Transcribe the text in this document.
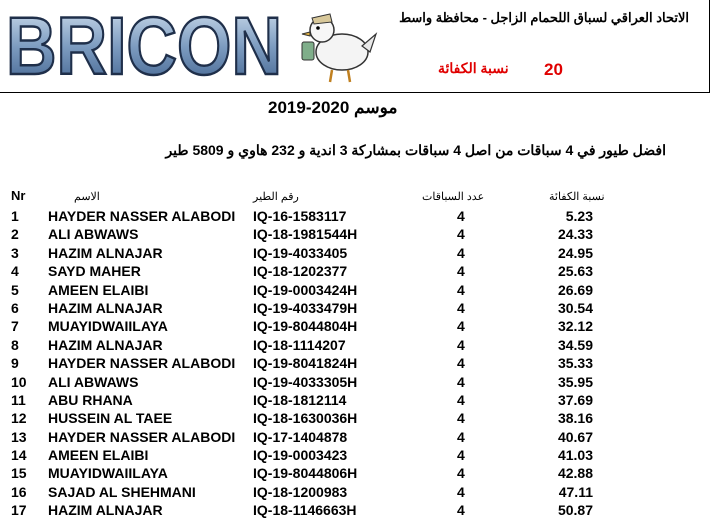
BRICON	الاتحاد العراقي لسباق اللحمام الزاجل - محافظة واسط
نسبة الكفائة 20
موسم 2020-2019
افضل طيور في 4 سباقات من اصل 4 سباقات بمشاركة 3 اندية و 232 هاوي و 5809 طير
Nr	الاسم	رقم الطير	عدد السباقات	نسبة الكفائة
1 HAYDER NASSER ALABODI IQ-16-1583117	4	5.23
2 ALI ABWAWS	IQ-18-1981544H	4	24.33
3 HAZIM ALNAJAR	IQ-19-4033405	4	24.95
4 SAYD MAHER	IQ-18-1202377	4	25.63
5 AMEEN ELAIBI	IQ-19-0003424H	4	26.69
6 HAZIM ALNAJAR	IQ-19-4033479H	4	30.54
7 MUAYIDWAIILAYA	IQ-19-8044804H	4	32.12
8 HAZIM ALNAJAR	IQ-18-1114207	4	34.59
9 HAYDER NASSER ALABODI IQ-19-8041824H	4	35.33
10 ALI ABWAWS	IQ-19-4033305H	4	35.95
11 ABU RHANA	IQ-18-1812114	4	37.69
12 HUSSEIN AL TAEE	IQ-18-1630036H	4	38.16
13 HAYDER NASSER ALABODI IQ-17-1404878	4	40.67
14 AMEEN ELAIBI	IQ-19-0003423	4	41.03
15 MUAYIDWAIILAYA	IQ-19-8044806H	4	42.88
16 SAJAD AL SHEHMANI	IQ-18-1200983	4	47.11
17 HAZIM ALNAJAR	IQ-18-1146663H	4	50.87
